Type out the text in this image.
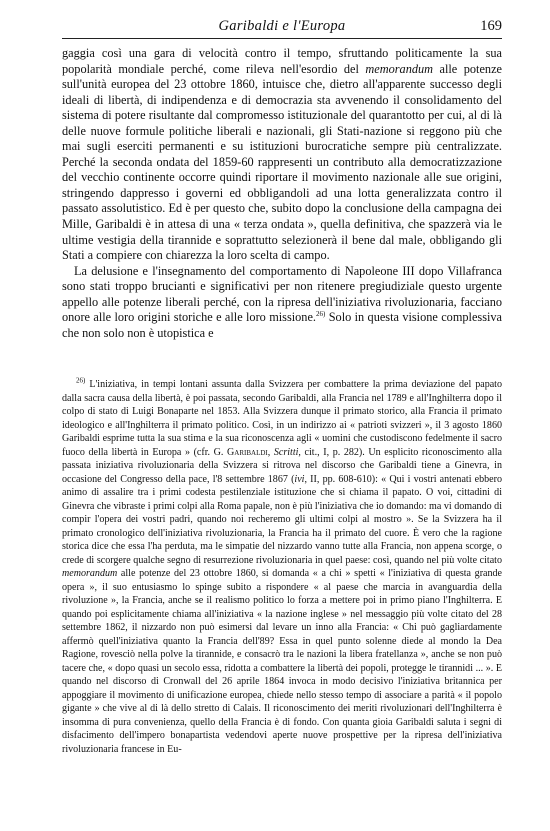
Garibaldi e l'Europa	169

gaggia così una gara di velocità contro il tempo, sfruttando politicamente la sua popolarità mondiale perché, come rileva nell'esordio del memorandum alle potenze sull'unità europea del 23 ottobre 1860, intuisce che, dietro all'apparente successo degli ideali di libertà, di indipendenza e di democrazia sta avvenendo il consolidamento del sistema di potere risultante dal compromesso istituzionale del quarantotto per cui, al di là delle nuove formule politiche liberali e nazionali, gli Stati-nazione si reggono più che mai sugli eserciti permanenti e su istituzioni burocratiche sempre più centralizzate. Perché la seconda ondata del 1859-60 rappresenti un contributo alla democratizzazione del vecchio continente occorre quindi riportare il movimento nazionale alle sue origini, stringendo dappresso i governi ed obbligandoli ad una lotta generalizzata contro il passato assolutistico. Ed è per questo che, subito dopo la conclusione della campagna dei Mille, Garibaldi è in attesa di una « terza ondata », quella definitiva, che spazzerà via le ultime vestigia della tirannide e soprattutto selezionerà il bene dal male, obbligando gli Stati a compiere con chiarezza la loro scelta di campo.

La delusione e l'insegnamento del comportamento di Napoleone III dopo Villafranca sono stati troppo brucianti e significativi per non ritenere pregiudiziale questo urgente appello alle potenze liberali perché, con la ripresa dell'iniziativa rivoluzionaria, facciano onore alle loro origini storiche e alle loro missione.$^{26)}$ Solo in questa visione complessiva che non solo non è utopistica e

$^{26)}$ L'iniziativa, in tempi lontani assunta dalla Svizzera per combattere la prima deviazione del papato dalla sacra causa della libertà, è poi passata, secondo Garibaldi, alla Francia nel 1789 e all'Inghilterra dopo il colpo di stato di Luigi Bonaparte nel 1853. Alla Svizzera dunque il primato storico, alla Francia il primato ideologico e all'Inghilterra il primato politico. Così, in un indirizzo ai « patrioti svizzeri », il 3 agosto 1860 Garibaldi esprime tutta la sua stima e la sua riconoscenza agli « uomini che custodiscono fedelmente il sacro fuoco della libertà in Europa » (cfr. G. Garibaldi, Scritti, cit., I, p. 282). Un esplicito riconoscimento alla passata iniziativa rivoluzionaria della Svizzera si ritrova nel discorso che Garibaldi tiene a Ginevra, in occasione del Congresso della pace, l'8 settembre 1867 (ivi, II, pp. 608-610): « Qui i vostri antenati ebbero animo di assalire tra i primi codesta pestilenziale istituzione che si chiama il papato. O voi, cittadini di Ginevra che vibraste i primi colpi alla Roma papale, non è più l'iniziativa che io domando: ma vi domando di compir l'opera dei vostri padri, quando noi recheremo gli ultimi colpi al mostro ». Se la Svizzera ha il primato cronologico dell'iniziativa rivoluzionaria, la Francia ha il primato del cuore. È vero che la ragione storica dice che essa l'ha perduta, ma le simpatie del nizzardo vanno tutte alla Francia, non appena scorge, o crede di scorgere qualche segno di resurrezione rivoluzionaria in quel paese: così, quando nel più volte citato memorandum alle potenze del 23 ottobre 1860, si domanda « a chi » spetti « l'iniziativa di questa grande opera », il suo entusiasmo lo spinge subito a rispondere « al paese che marcia in avanguardia della rivoluzione », la Francia, anche se il realismo politico lo forza a mettere poi in primo piano l'Inghilterra. E quando poi esplicitamente chiama all'iniziativa « la nazione inglese » nel messaggio più volte citato del 28 settembre 1862, il nizzardo non può esimersi dal levare un inno alla Francia: « Chi può gagliardamente affermò quell'iniziativa quanto la Francia dell'89? Essa in quel punto solenne diede al mondo la Dea Ragione, rovesciò nella polve la tirannide, e consacrò tra le nazioni la libera fratellanza », anche se non può tacere che, « dopo quasi un secolo essa, ridotta a combattere la libertà dei popoli, protegge le tirannidi ... ». E quando nel discorso di Cronwall del 26 aprile 1864 invoca in modo decisivo l'iniziativa britannica per appoggiare il movimento di unificazione europea, chiede nello stesso tempo di associare a parità « il popolo gigante » che vive al di là dello stretto di Calais. Il riconoscimento dei meriti rivoluzionari dell'Inghilterra è insomma di pura convenienza, quello della Francia è di fondo. Con quanta gioia Garibaldi saluta i segni di disfacimento dell'impero bonapartista vedendovi aperte nuove prospettive per la ripresa dell'iniziativa rivoluzionaria francese in Eu-
